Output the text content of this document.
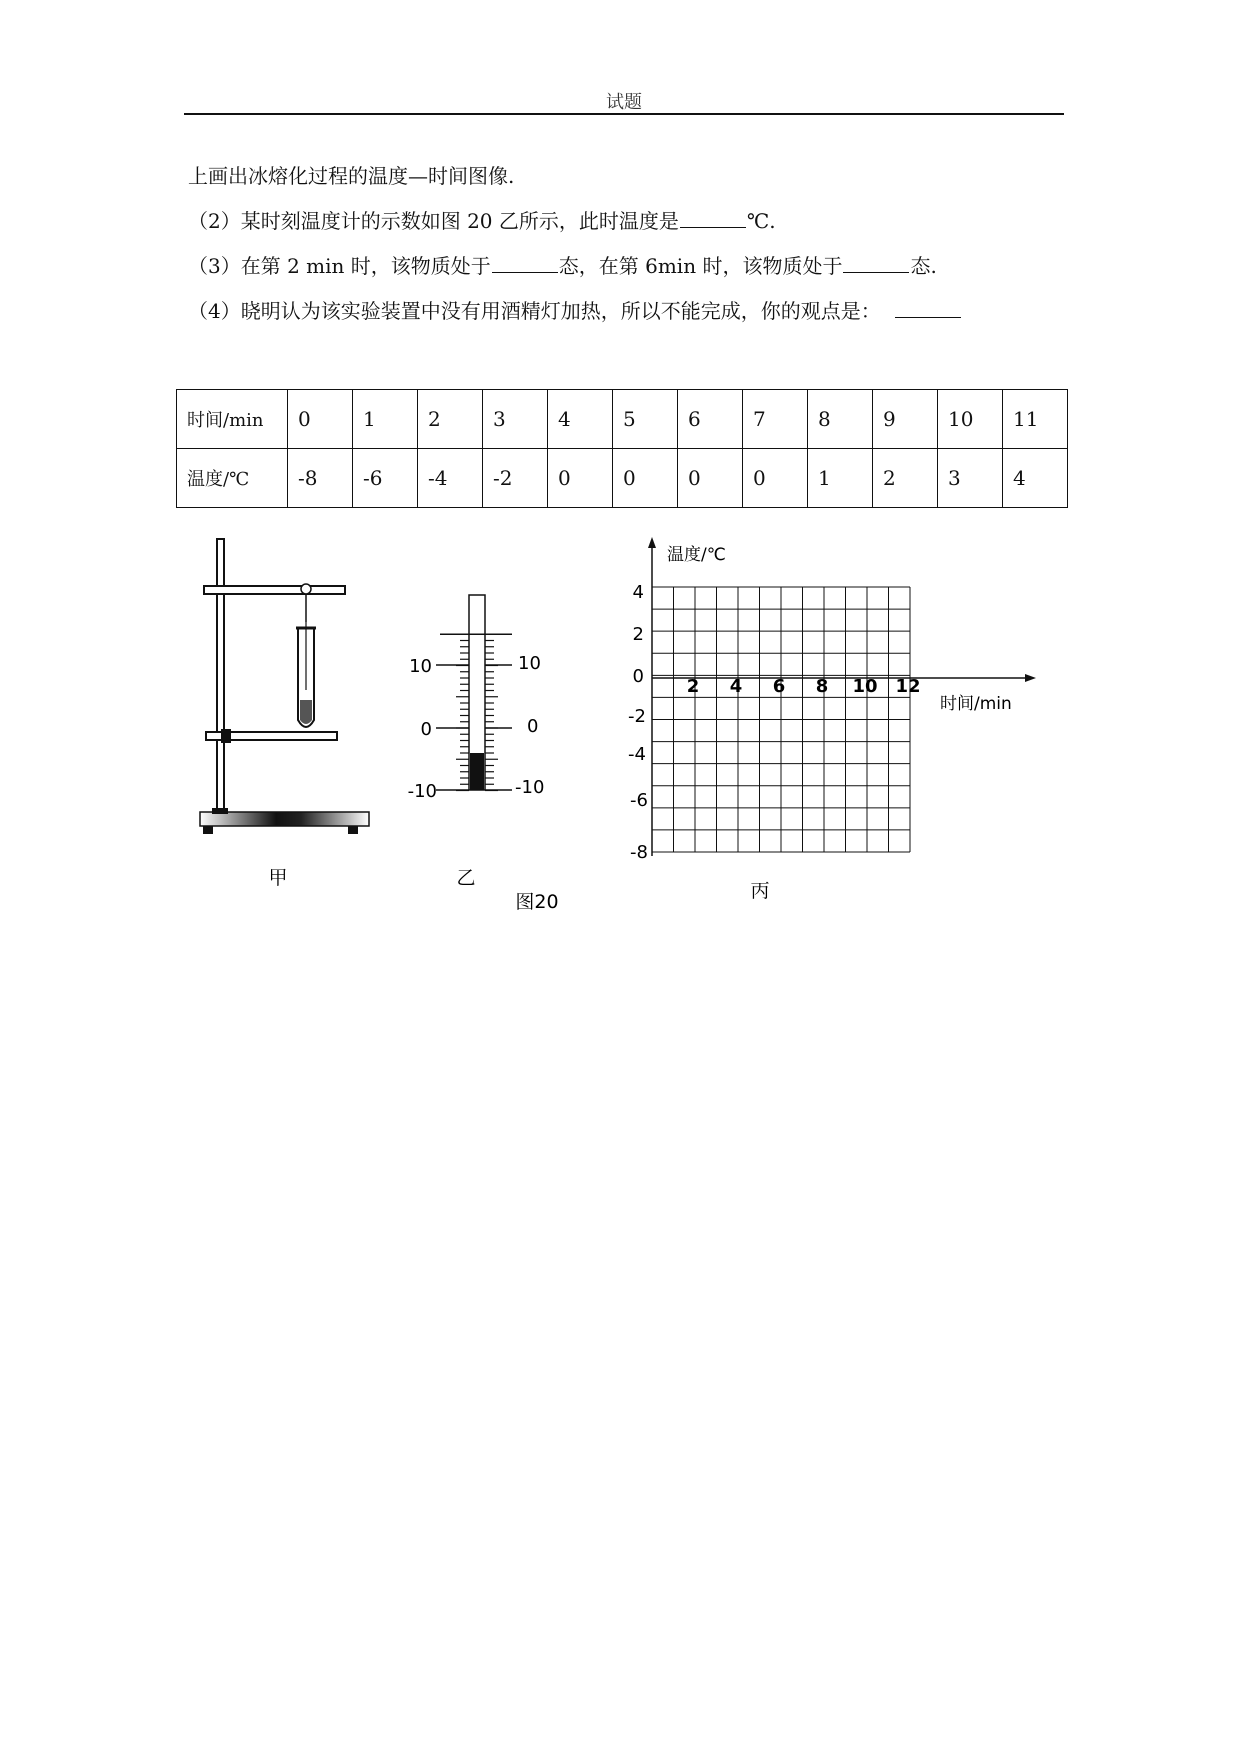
试题
上画出冰熔化过程的温度—时间图像.
（2）某时刻温度计的示数如图 20 乙所示，此时温度是	℃.
（3）在第 2 min 时，该物质处于	态，在第 6min 时，该物质处于	态.
（4）晓明认为该实验装置中没有用酒精灯加热，所以不能完成，你的观点是：
时间/min	0	1	2	3	4	5	6	7	8	9	10	11
温度/℃	-8	-6	-4	-2	0	0	0	0	1	2	3	4
甲
10
0
-10
10
0
-10
乙
温度/℃
时间/min
4
2
0
-2
-4
-6
-8
2 4 6 8 10 12
丙
图20
